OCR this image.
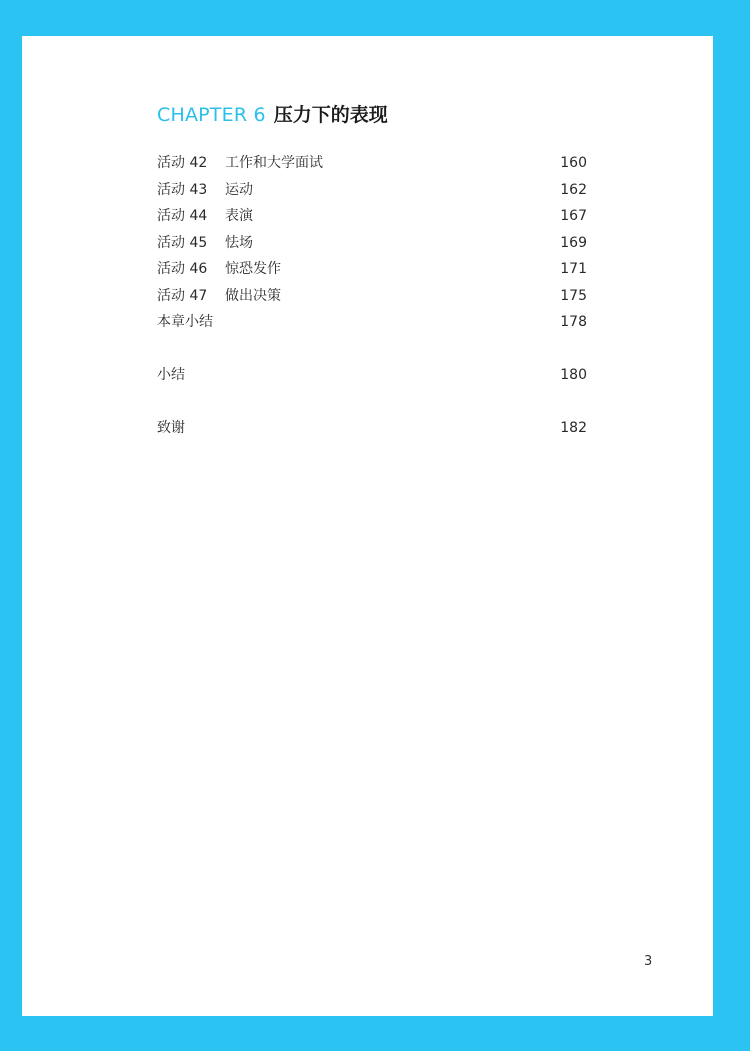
CHAPTER 6 压力下的表现
活动 42 工作和大学面试	160
活动 43 运动	162
活动 44 表演	167
活动 45 怯场	169
活动 46 惊恐发作	171
活动 47 做出决策	175
本章小结	178
小结	180
致谢	182
3
